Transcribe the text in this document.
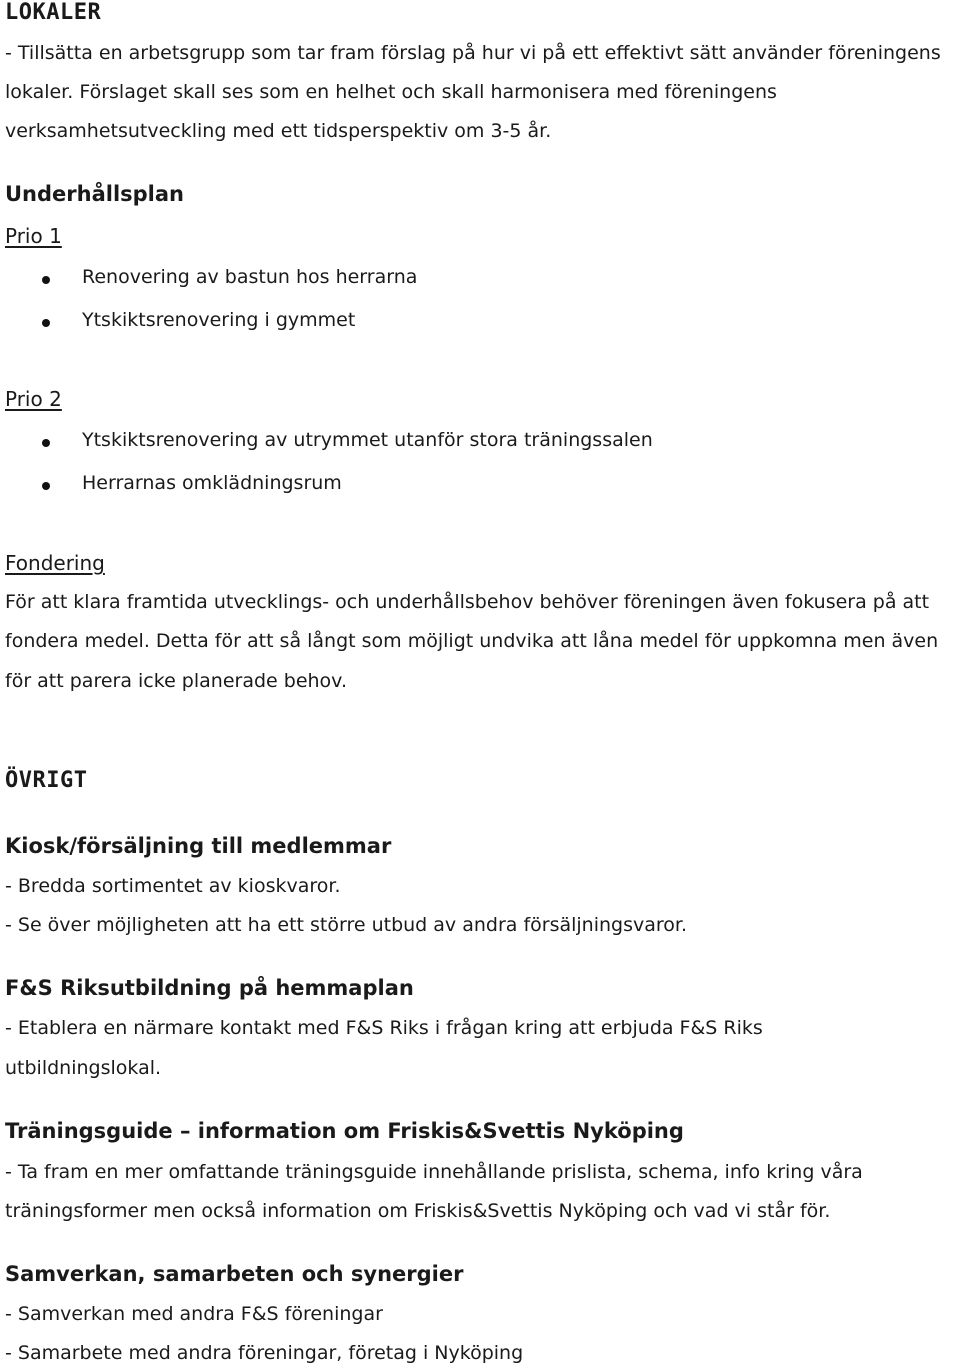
LOKALER
- Tillsätta en arbetsgrupp som tar fram förslag på hur vi på ett effektivt sätt använder föreningens
lokaler. Förslaget skall ses som en helhet och skall harmonisera med föreningens
verksamhetsutveckling med ett tidsperspektiv om 3-5 år.
Underhållsplan
Prio 1
Renovering av bastun hos herrarna
Ytskiktsrenovering i gymmet
Prio 2
Ytskiktsrenovering av utrymmet utanför stora träningssalen
Herrarnas omklädningsrum
Fondering
För att klara framtida utvecklings- och underhållsbehov behöver föreningen även fokusera på att
fondera medel. Detta för att så långt som möjligt undvika att låna medel för uppkomna men även
för att parera icke planerade behov.
ÖVRIGT
Kiosk/försäljning till medlemmar
- Bredda sortimentet av kioskvaror.
- Se över möjligheten att ha ett större utbud av andra försäljningsvaror.
F&S Riksutbildning på hemmaplan
- Etablera en närmare kontakt med F&S Riks i frågan kring att erbjuda F&S Riks
utbildningslokal.
Träningsguide – information om Friskis&Svettis Nyköping
- Ta fram en mer omfattande träningsguide innehållande prislista, schema, info kring våra
träningsformer men också information om Friskis&Svettis Nyköping och vad vi står för.
Samverkan, samarbeten och synergier
- Samverkan med andra F&S föreningar
- Samarbete med andra föreningar, företag i Nyköping
